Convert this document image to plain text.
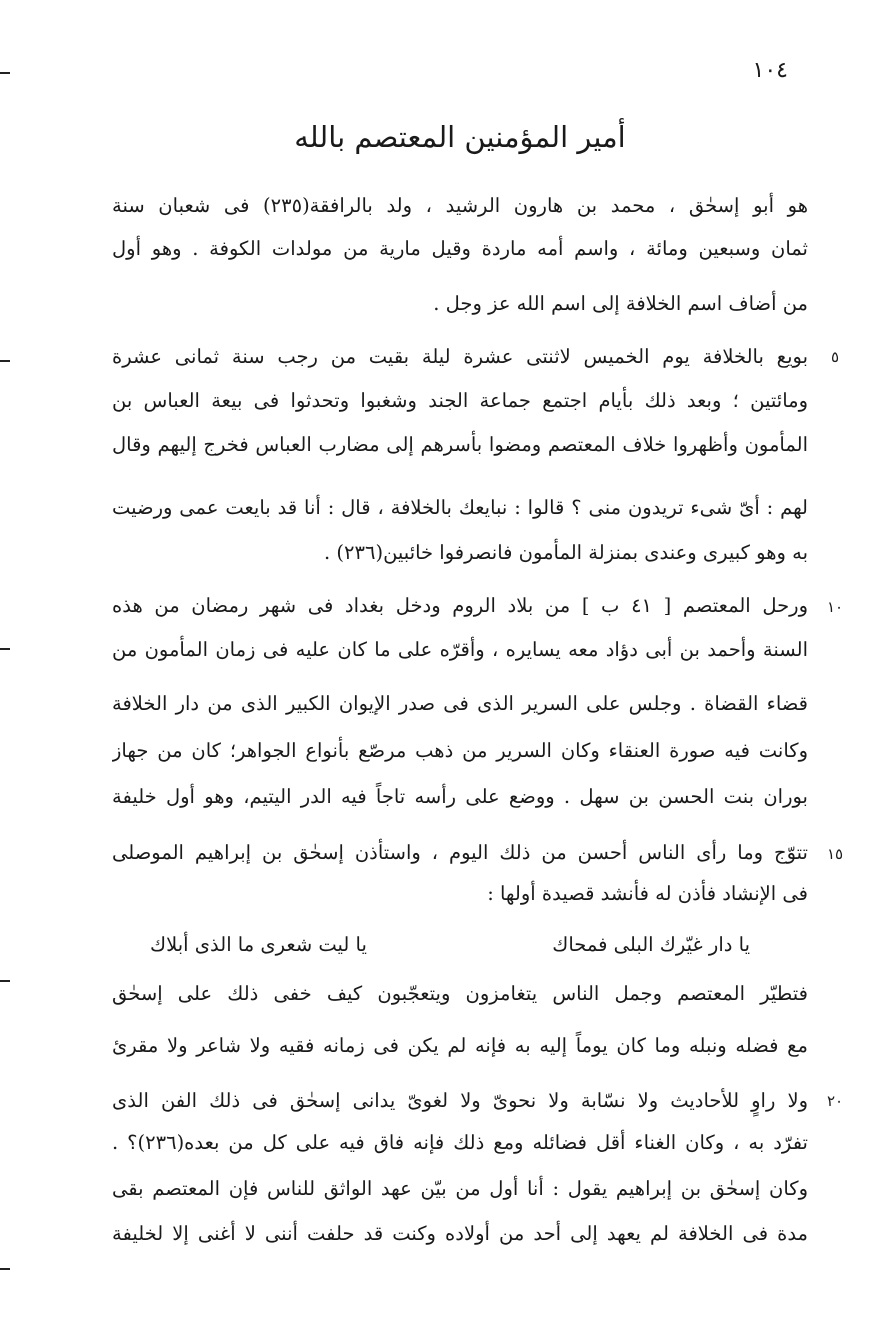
١٠٤
أمير المؤمنين المعتصم بالله
هو أبو إسحٰق ، محمد بن هارون الرشيد ، ولد بالرافقة(٢٣٥) فى شعبان سنة
ثمان وسبعين ومائة ، واسم أمه ماردة وقيل مارية من مولدات الكوفة . وهو أول
من أضاف اسم الخلافة إلى اسم الله عز وجل .
بويع بالخلافة يوم الخميس لاثنتى عشرة ليلة بقيت من رجب سنة ثمانى عشرة
ومائتين ؛ وبعد ذلك بأيام اجتمع جماعة الجند وشغبوا وتحدثوا فى بيعة العباس بن
المأمون وأظهروا خلاف المعتصم ومضوا بأسرهم إلى مضارب العباس فخرج إليهم وقال
لهم : أىّ شىء تريدون منى ؟ قالوا : نبايعك بالخلافة ، قال : أنا قد بايعت عمى ورضيت
به وهو كبيرى وعندى بمنزلة المأمون فانصرفوا خائبين(٢٣٦) .
ورحل المعتصم [ ٤١ ب ] من بلاد الروم ودخل بغداد فى شهر رمضان من هذه
السنة وأحمد بن أبى دؤاد معه يسايره ، وأقرّه على ما كان عليه فى زمان المأمون من
قضاء القضاة . وجلس على السرير الذى فى صدر الإيوان الكبير الذى من دار الخلافة
وكانت فيه صورة العنقاء وكان السرير من ذهب مرصّع بأنواع الجواهر؛ كان من جهاز
بوران بنت الحسن بن سهل . ووضع على رأسه تاجاً فيه الدر اليتيم، وهو أول خليفة
تتوّج وما رأى الناس أحسن من ذلك اليوم ، واستأذن إسحٰق بن إبراهيم الموصلى
فى الإنشاد فأذن له فأنشد قصيدة أولها :
يا دار غيّرك البلى فمحاك
يا ليت شعرى ما الذى أبلاك
فتطيّر المعتصم وجمل الناس يتغامزون ويتعجّبون كيف خفى ذلك على إسحٰق
مع فضله ونبله وما كان يوماً إليه به فإنه لم يكن فى زمانه فقيه ولا شاعر ولا مقرئ
ولا راوٍ للأحاديث ولا نسّابة ولا نحوىّ ولا لغوىّ يدانى إسحٰق فى ذلك الفن الذى
تفرّد به ، وكان الغناء أقل فضائله ومع ذلك فإنه فاق فيه على كل من بعده(٢٣٦)؟ .
وكان إسحٰق بن إبراهيم يقول : أنا أول من بيّن عهد الواثق للناس فإن المعتصم بقى
مدة فى الخلافة لم يعهد إلى أحد من أولاده وكنت قد حلفت أننى لا أغنى إلا لخليفة
٥
١٠
١٥
٢٠
